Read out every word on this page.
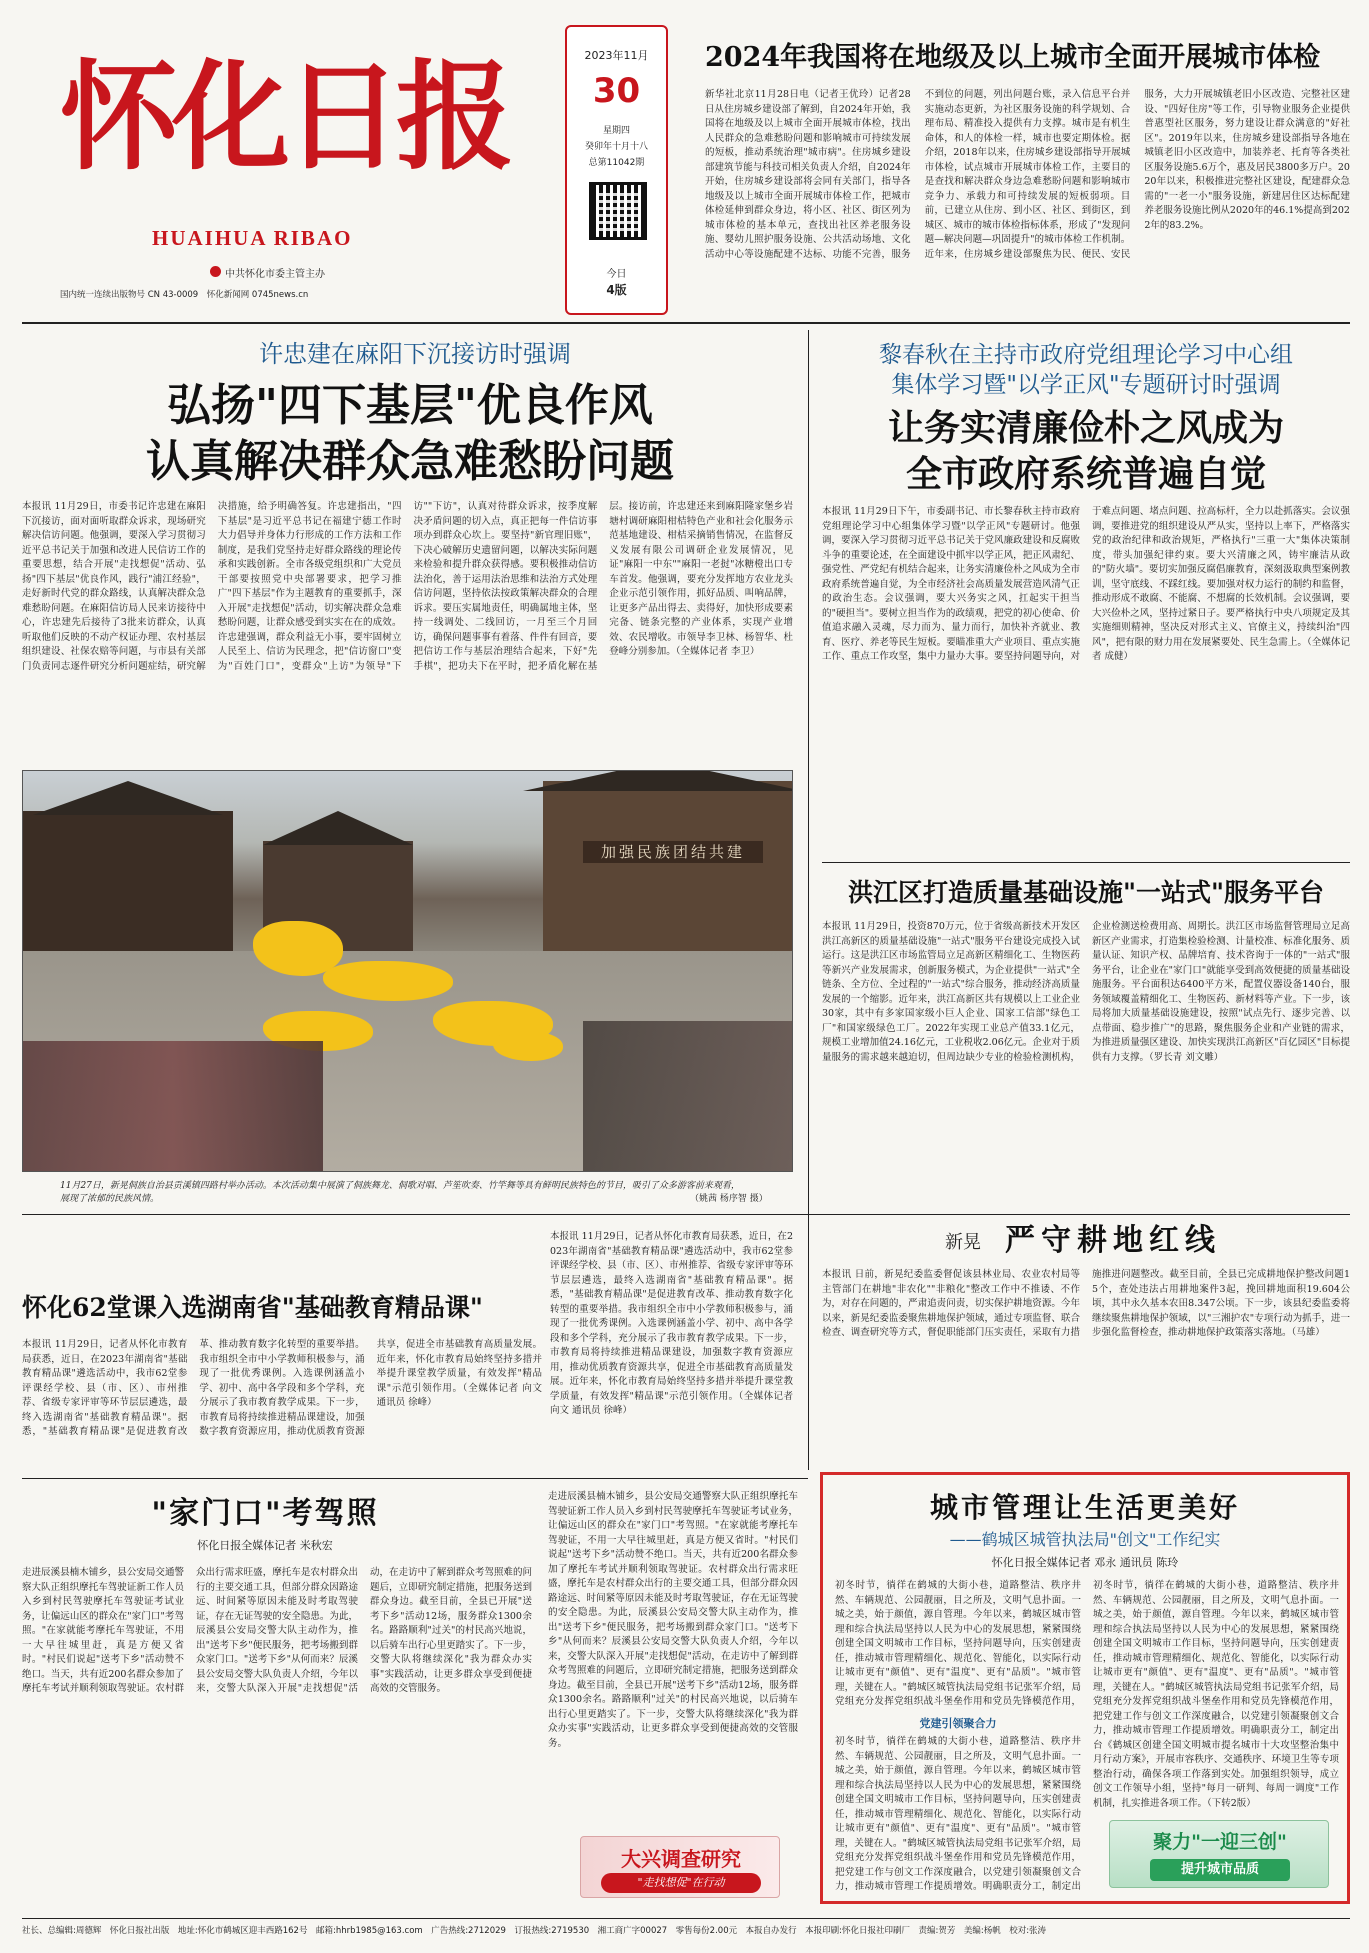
怀化日报
HUAIHUA RIBAO
中共怀化市委主管主办
国内统一连续出版物号 CN 43-0009　怀化新闻网 0745news.cn
2023年11月
30
星期四
癸卯年十月十八
总第11042期
今日
4版
2024年我国将在地级及以上城市全面开展城市体检
新华社北京11月28日电（记者王优玲）记者28日从住房城乡建设部了解到，自2024年开始，我国将在地级及以上城市全面开展城市体检，找出人民群众的急难愁盼问题和影响城市可持续发展的短板，推动系统治理"城市病"。住房城乡建设部建筑节能与科技司相关负责人介绍，自2024年开始，住房城乡建设部将会同有关部门，指导各地级及以上城市全面开展城市体检工作，把城市体检延伸到群众身边，将小区、社区、街区列为城市体检的基本单元，查找出社区养老服务设施、婴幼儿照护服务设施、公共活动场地、文化活动中心等设施配建不达标、功能不完善，服务不到位的问题，列出问题台账，录入信息平台并实施动态更新，为社区服务设施的科学规划、合理布局、精准投入提供有力支撑。城市是有机生命体，和人的体检一样，城市也要定期体检。据介绍，2018年以来，住房城乡建设部指导开展城市体检，试点城市开展城市体检工作，主要目的是查找和解决群众身边急难愁盼问题和影响城市竞争力、承载力和可持续发展的短板弱项。目前，已建立从住房、到小区、社区、到街区，到城区、城市的城市体检指标体系，形成了"发现问题—解决问题—巩固提升"的城市体检工作机制。近年来，住房城乡建设部聚焦为民、便民、安民服务，大力开展城镇老旧小区改造、完整社区建设、"四好住房"等工作，引导物业服务企业提供普惠型社区服务，努力建设让群众满意的"好社区"。2019年以来，住房城乡建设部指导各地在城镇老旧小区改造中，加装养老、托育等各类社区服务设施5.6万个，惠及居民3800多万户。2020年以来，积极推进完整社区建设，配建群众急需的"一老一小"服务设施，新建居住区达标配建养老服务设施比例从2020年的46.1%提高到2022年的83.2%。
许忠建在麻阳下沉接访时强调
弘扬"四下基层"优良作风
认真解决群众急难愁盼问题
本报讯 11月29日，市委书记许忠建在麻阳下沉接访，面对面听取群众诉求，现场研究解决信访问题。他强调，要深入学习贯彻习近平总书记关于加强和改进人民信访工作的重要思想，结合开展"走找想促"活动、弘扬"四下基层"优良作风，践行"浦江经验"，走好新时代党的群众路线，认真解决群众急难愁盼问题。在麻阳信访局人民来访接待中心，许忠建先后接待了3批来访群众，认真听取他们反映的不动产权证办理、农村基层组织建设、社保农赔等问题，与市县有关部门负责同志逐件研究分析问题症结，研究解决措施，给予明确答复。许忠建指出，"四下基层"是习近平总书记在福建宁德工作时大力倡导并身体力行形成的工作方法和工作制度，是我们党坚持走好群众路线的理论传承和实践创新。全市各级党组织和广大党员干部要按照党中央部署要求，把学习推广"四下基层"作为主题教育的重要抓手，深入开展"走找想促"活动，切实解决群众急难愁盼问题，让群众感受到实实在在的成效。许忠建强调，群众利益无小事，要牢固树立人民至上、信访为民理念，把"信访窗口"变为"百姓门口"，变群众"上访"为领导"下访""下访"，认真对待群众诉求，按季度解决矛盾问题的切入点，真正把每一件信访事项办到群众心坎上。要坚持"新官理旧账"，下决心破解历史遗留问题，以解决实际问题来检验和提升群众获得感。要积极推动信访法治化，善于运用法治思维和法治方式处理信访问题，坚持依法按政策解决群众的合理诉求。要压实属地责任，明确属地主体，坚持一线调处、二线回访，一月至三个月回访，确保问题事事有着落、件件有回音，要把信访工作与基层治理结合起来，下好"先手棋"，把功夫下在平时，把矛盾化解在基层。接访前，许忠建还来到麻阳隆家堡乡岩塘村调研麻阳柑桔特色产业和社会化服务示范基地建设、柑桔采摘销售情况，在监督反义发展有限公司调研企业发展情况，见证"麻阳一中东""麻阳一老挝"冰糖橙出口专车首发。他强调，要充分发挥地方农业龙头企业示范引领作用，抓好品质、叫响品牌，让更多产品出得去、卖得好，加快形成要素完备、链条完整的产业体系，实现产业增效、农民增收。市领导李卫林、杨智华、杜登峰分别参加。（全媒体记者 李卫）
黎春秋在主持市政府党组理论学习中心组
集体学习暨"以学正风"专题研讨时强调
让务实清廉俭朴之风成为
全市政府系统普遍自觉
本报讯 11月29日下午，市委副书记、市长黎春秋主持市政府党组理论学习中心组集体学习暨"以学正风"专题研讨。他强调，要深入学习贯彻习近平总书记关于党风廉政建设和反腐败斗争的重要论述，在全面建设中抓牢以学正风，把正风肃纪、强党性、严党纪有机结合起来，让务实清廉俭朴之风成为全市政府系统普遍自觉，为全市经济社会高质量发展营造风清气正的政治生态。会议强调，要大兴务实之风，扛起实干担当的"硬担当"。要树立担当作为的政绩观，把党的初心使命、价值追求融入灵魂，尽力而为、量力而行，加快补齐就业、教育、医疗、养老等民生短板。要瞄准重大产业项目、重点实施工作、重点工作攻坚，集中力量办大事。要坚持问题导向，对于难点问题、堵点问题、拉高标杆，全力以赴抓落实。会议强调，要推进党的组织建设从严从实，坚持以上率下，严格落实党的政治纪律和政治规矩，严格执行"三重一大"集体决策制度，带头加强纪律约束。要大兴清廉之风，铸牢廉洁从政的"防火墙"。要切实加强反腐倡廉教育，深刻汲取典型案例教训，坚守底线、不踩红线。要加强对权力运行的制约和监督，推动形成不敢腐、不能腐、不想腐的长效机制。会议强调，要大兴俭朴之风，坚持过紧日子。要严格执行中央八项规定及其实施细则精神，坚决反对形式主义、官僚主义，持续纠治"四风"，把有限的财力用在发展紧要处、民生急需上。（全媒体记者 成健）
加强民族团结共建
11月27日，新晃侗族自治县贡溪镇四路村举办活动。本次活动集中展演了侗族舞龙、侗歌对唱、芦笙吹奏、竹竿舞等具有鲜明民族特色的节目，吸引了众多游客前来观看，展现了浓郁的民族风情。	（姚茜 杨序智 摄）
洪江区打造质量基础设施"一站式"服务平台
本报讯 11月29日，投资870万元，位于省级高新技术开发区洪江高新区的质量基础设施"一站式"服务平台建设完成投入试运行。这是洪江区市场监管局立足高新区精细化工、生物医药等新兴产业发展需求，创新服务模式，为企业提供"一站式"全链条、全方位、全过程的"一站式"综合服务，推动经济高质量发展的一个缩影。近年来，洪江高新区共有规模以上工业企业30家，其中有多家国家级小巨人企业、国家工信部"绿色工厂"和国家级绿色工厂。2022年实现工业总产值33.1亿元，规模工业增加值24.16亿元，工业税收2.06亿元。企业对于质量服务的需求越来越迫切，但周边缺少专业的检验检测机构，企业检测送检费用高、周期长。洪江区市场监督管理局立足高新区产业需求，打造集检验检测、计量校准、标准化服务、质量认证、知识产权、品牌培育、技术咨询于一体的"一站式"服务平台，让企业在"家门口"就能享受到高效便捷的质量基础设施服务。平台面积达6400平方米，配置仪器设备140台，服务领域覆盖精细化工、生物医药、新材料等产业。下一步，该局将加大质量基础设施建设，按照"试点先行、逐步完善、以点带面、稳步推广"的思路，聚焦服务企业和产业链的需求，为推进质量强区建设、加快实现洪江高新区"百亿园区"目标提供有力支撑。（罗长青 刘文雕）
新晃 严守耕地红线
本报讯 日前，新晃纪委监委督促该县林业局、农业农村局等主管部门在耕地"非农化""非粮化"整改工作中不推诿、不作为，对存在问题的，严肃追责问责，切实保护耕地资源。今年以来，新晃纪委监委聚焦耕地保护领域，通过专项监督、联合检查、调查研究等方式，督促职能部门压实责任，采取有力措施推进问题整改。截至目前，全县已完成耕地保护整改问题15个，查处违法占用耕地案件3起，挽回耕地面积19.604公顷，其中永久基本农田8.347公顷。下一步，该县纪委监委将继续聚焦耕地保护领域，以"三湘护农"专项行动为抓手，进一步强化监督检查，推动耕地保护政策落实落地。（马雄）
怀化62堂课入选湖南省"基础教育精品课"
本报讯 11月29日，记者从怀化市教育局获悉，近日，在2023年湖南省"基础教育精品课"遴选活动中，我市62堂参评课经学校、县（市、区）、市州推荐、省级专家评审等环节层层遴选，最终入选湖南省"基础教育精品课"。据悉，"基础教育精品课"是促进教育改革、推动教育数字化转型的重要举措。我市组织全市中小学教师积极参与，涌现了一批优秀课例。入选课例涵盖小学、初中、高中各学段和多个学科，充分展示了我市教育教学成果。下一步，市教育局将持续推进精品课建设，加强数字教育资源应用，推动优质教育资源共享，促进全市基础教育高质量发展。近年来，怀化市教育局始终坚持多措并举提升课堂教学质量，有效发挥"精品课"示范引领作用。（全媒体记者 向文 通讯员 徐峰）
本报讯 11月29日，记者从怀化市教育局获悉，近日，在2023年湖南省"基础教育精品课"遴选活动中，我市62堂参评课经学校、县（市、区）、市州推荐、省级专家评审等环节层层遴选，最终入选湖南省"基础教育精品课"。据悉，"基础教育精品课"是促进教育改革、推动教育数字化转型的重要举措。我市组织全市中小学教师积极参与，涌现了一批优秀课例。入选课例涵盖小学、初中、高中各学段和多个学科，充分展示了我市教育教学成果。下一步，市教育局将持续推进精品课建设，加强数字教育资源应用，推动优质教育资源共享，促进全市基础教育高质量发展。近年来，怀化市教育局始终坚持多措并举提升课堂教学质量，有效发挥"精品课"示范引领作用。（全媒体记者 向文 通讯员 徐峰）
"家门口"考驾照
怀化日报全媒体记者 米秋宏
走进辰溪县楠木铺乡，县公安局交通警察大队正组织摩托车驾驶证新工作人员入乡到村民驾驶摩托车驾驶证考试业务，让偏远山区的群众在"家门口"考驾照。"在家就能考摩托车驾驶证，不用一大早往城里赶，真是方便又省时。"村民们说起"送考下乡"活动赞不绝口。当天，共有近200名群众参加了摩托车考试并顺利领取驾驶证。农村群众出行需求旺盛，摩托车是农村群众出行的主要交通工具，但部分群众因路途远、时间紧等原因未能及时考取驾驶证，存在无证驾驶的安全隐患。为此，辰溪县公安局交警大队主动作为，推出"送考下乡"便民服务，把考场搬到群众家门口。"送考下乡"从何而来？辰溪县公安局交警大队负责人介绍，今年以来，交警大队深入开展"走找想促"活动，在走访中了解到群众考驾照难的问题后，立即研究制定措施，把服务送到群众身边。截至目前，全县已开展"送考下乡"活动12场，服务群众1300余名。路路顺利"过关"的村民高兴地说，以后骑车出行心里更踏实了。下一步，交警大队将继续深化"我为群众办实事"实践活动，让更多群众享受到便捷高效的交管服务。
走进辰溪县楠木铺乡，县公安局交通警察大队正组织摩托车驾驶证新工作人员入乡到村民驾驶摩托车驾驶证考试业务，让偏远山区的群众在"家门口"考驾照。"在家就能考摩托车驾驶证，不用一大早往城里赶，真是方便又省时。"村民们说起"送考下乡"活动赞不绝口。当天，共有近200名群众参加了摩托车考试并顺利领取驾驶证。农村群众出行需求旺盛，摩托车是农村群众出行的主要交通工具，但部分群众因路途远、时间紧等原因未能及时考取驾驶证，存在无证驾驶的安全隐患。为此，辰溪县公安局交警大队主动作为，推出"送考下乡"便民服务，把考场搬到群众家门口。"送考下乡"从何而来？辰溪县公安局交警大队负责人介绍，今年以来，交警大队深入开展"走找想促"活动，在走访中了解到群众考驾照难的问题后，立即研究制定措施，把服务送到群众身边。截至目前，全县已开展"送考下乡"活动12场，服务群众1300余名。路路顺利"过关"的村民高兴地说，以后骑车出行心里更踏实了。下一步，交警大队将继续深化"我为群众办实事"实践活动，让更多群众享受到便捷高效的交管服务。
大兴调查研究
"走找想促"在行动
城市管理让生活更美好
——鹤城区城管执法局"创文"工作纪实
怀化日报全媒体记者 邓永 通讯员 陈玲
初冬时节，徜徉在鹤城的大街小巷，道路整洁、秩序井然、车辆规范、公园靓丽，目之所及，文明气息扑面。一城之美，始于颜值，源自管理。今年以来，鹤城区城市管理和综合执法局坚持以人民为中心的发展思想，紧紧围绕创建全国文明城市工作目标，坚持问题导向，压实创建责任，推动城市管理精细化、规范化、智能化，以实际行动让城市更有"颜值"、更有"温度"、更有"品质"。"城市管理，关键在人。"鹤城区城管执法局党组书记张军介绍，局党组充分发挥党组织战斗堡垒作用和党员先锋模范作用，
党建引领聚合力
初冬时节，徜徉在鹤城的大街小巷，道路整洁、秩序井然、车辆规范、公园靓丽，目之所及，文明气息扑面。一城之美，始于颜值，源自管理。今年以来，鹤城区城市管理和综合执法局坚持以人民为中心的发展思想，紧紧围绕创建全国文明城市工作目标，坚持问题导向，压实创建责任，推动城市管理精细化、规范化、智能化，以实际行动让城市更有"颜值"、更有"温度"、更有"品质"。"城市管理，关键在人。"鹤城区城管执法局党组书记张军介绍，局党组充分发挥党组织战斗堡垒作用和党员先锋模范作用，把党建工作与创文工作深度融合，以党建引领凝聚创文合力，推动城市管理工作提质增效。明确职责分工，制定出
初冬时节，徜徉在鹤城的大街小巷，道路整洁、秩序井然、车辆规范、公园靓丽，目之所及，文明气息扑面。一城之美，始于颜值，源自管理。今年以来，鹤城区城市管理和综合执法局坚持以人民为中心的发展思想，紧紧围绕创建全国文明城市工作目标，坚持问题导向，压实创建责任，推动城市管理精细化、规范化、智能化，以实际行动让城市更有"颜值"、更有"温度"、更有"品质"。"城市管理，关键在人。"鹤城区城管执法局党组书记张军介绍，局党组充分发挥党组织战斗堡垒作用和党员先锋模范作用，把党建工作与创文工作深度融合，以党建引领凝聚创文合力，推动城市管理工作提质增效。明确职责分工，制定出台《鹤城区创建全国文明城市提名城市十大攻坚整治集中月行动方案》，开展市容秩序、交通秩序、环境卫生等专项整治行动，确保各项工作落到实处。加强组织领导，成立创文工作领导小组，坚持"每月一研判、每周一调度"工作机制，扎实推进各项工作。（下转2版）
聚力"一迎三创"
提升城市品质
社长、总编辑:周德辉　怀化日报社出版　地址:怀化市鹤城区迎丰西路162号　邮箱:hhrb1985@163.com　广告热线:2712029　订报热线:2719530　湘工商广字00027　零售每份2.00元　本报自办发行　本报印刷:怀化日报社印刷厂　责编:贺芳　美编:杨帆　校对:张涛
